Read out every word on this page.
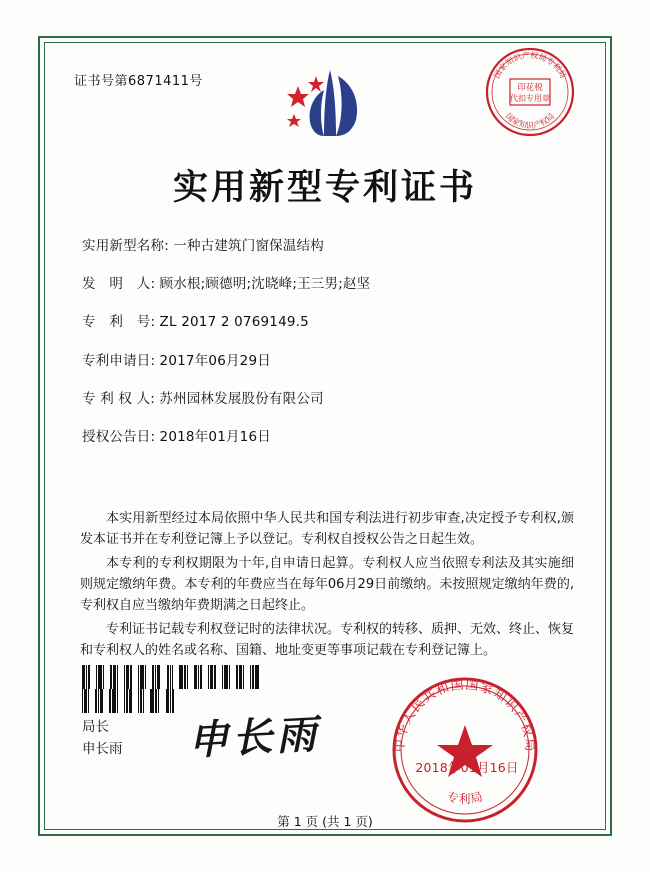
证书号第6871411号	印花税
代扣专用章
国家知识产权局专利局
国家知识产权局
实用新型专利证书
实用新型名称: 一种古建筑门窗保温结构
发　明　人: 顾水根;顾德明;沈晓峰;王三男;赵坚
专　利　号: ZL 2017 2 0769149.5
专利申请日: 2017年06月29日
专 利 权 人: 苏州园林发展股份有限公司
授权公告日: 2018年01月16日

本实用新型经过本局依照中华人民共和国专利法进行初步审查,决定授予专利权,颁发本证书并在专利登记簿上予以登记。专利权自授权公告之日起生效。

本专利的专利权期限为十年,自申请日起算。专利权人应当依照专利法及其实施细则规定缴纳年费。本专利的年费应当在每年06月29日前缴纳。未按照规定缴纳年费的,专利权自应当缴纳年费期满之日起终止。

专利证书记载专利权登记时的法律状况。专利权的转移、质押、无效、终止、恢复和专利权人的姓名或名称、国籍、地址变更等事项记载在专利登记簿上。

局长
申长雨 申长雨	中华人民共和国国家知识产权局
专利局
2018年01月16日
第 1 页 (共 1 页)
